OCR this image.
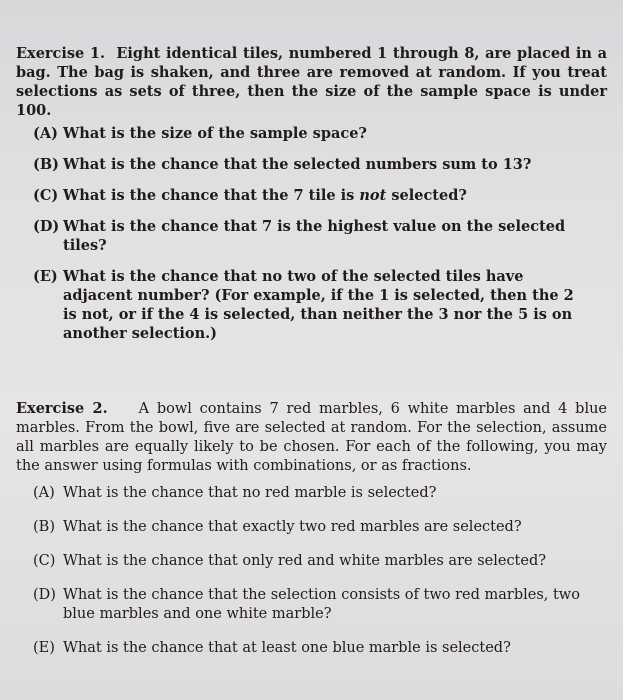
Exercise 1. Eight identical tiles, numbered 1 through 8, are placed in a bag. The bag is shaken, and three are removed at random. If you treat selections as sets of three, then the size of the sample space is under 100.

(A) What is the size of the sample space?
(B) What is the chance that the selected numbers sum to 13?
(C) What is the chance that the 7 tile is not selected?
(D) What is the chance that 7 is the highest value on the selected tiles?
(E) What is the chance that no two of the selected tiles have adjacent number? (For example, if the 1 is selected, then the 2 is not, or if the 4 is selected, than neither the 3 nor the 5 is on another selection.)

Exercise 2. A bowl contains 7 red marbles, 6 white marbles and 4 blue marbles. From the bowl, five are selected at random. For the selection, assume all marbles are equally likely to be chosen. For each of the following, you may the answer using formulas with combinations, or as fractions.

(A) What is the chance that no red marble is selected?
(B) What is the chance that exactly two red marbles are selected?
(C) What is the chance that only red and white marbles are selected?
(D) What is the chance that the selection consists of two red marbles, two blue marbles and one white marble?
(E) What is the chance that at least one blue marble is selected?
